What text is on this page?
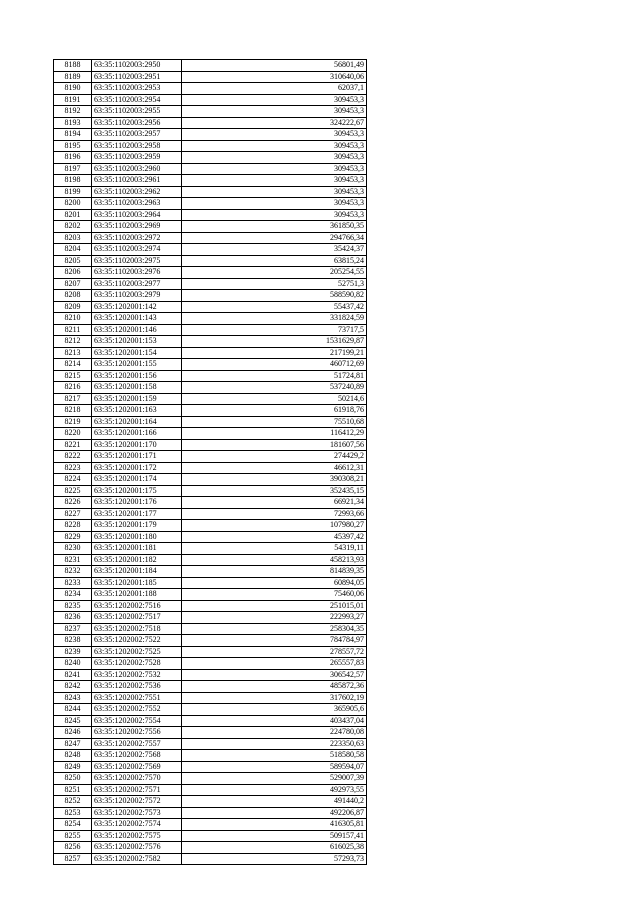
8188	63:35:1102003:2950	56801,49
8189	63:35:1102003:2951	310640,06
8190	63:35:1102003:2953	62037,1
8191	63:35:1102003:2954	309453,3
8192	63:35:1102003:2955	309453,3
8193	63:35:1102003:2956	324222,67
8194	63:35:1102003:2957	309453,3
8195	63:35:1102003:2958	309453,3
8196	63:35:1102003:2959	309453,3
8197	63:35:1102003:2960	309453,3
8198	63:35:1102003:2961	309453,3
8199	63:35:1102003:2962	309453,3
8200	63:35:1102003:2963	309453,3
8201	63:35:1102003:2964	309453,3
8202	63:35:1102003:2969	361850,35
8203	63:35:1102003:2972	294766,34
8204	63:35:1102003:2974	35424,37
8205	63:35:1102003:2975	63815,24
8206	63:35:1102003:2976	205254,55
8207	63:35:1102003:2977	52751,3
8208	63:35:1102003:2979	588590,82
8209	63:35:1202001:142	55437,42
8210	63:35:1202001:143	331824,59
8211	63:35:1202001:146	73717,5
8212	63:35:1202001:153	1531629,87
8213	63:35:1202001:154	217199,21
8214	63:35:1202001:155	460712,69
8215	63:35:1202001:156	51724,81
8216	63:35:1202001:158	537240,89
8217	63:35:1202001:159	50214,6
8218	63:35:1202001:163	61918,76
8219	63:35:1202001:164	75510,68
8220	63:35:1202001:166	116412,29
8221	63:35:1202001:170	181607,56
8222	63:35:1202001:171	274429,2
8223	63:35:1202001:172	46612,31
8224	63:35:1202001:174	390308,21
8225	63:35:1202001:175	352435,15
8226	63:35:1202001:176	66921,34
8227	63:35:1202001:177	72993,66
8228	63:35:1202001:179	107980,27
8229	63:35:1202001:180	45397,42
8230	63:35:1202001:181	54319,11
8231	63:35:1202001:182	458213,93
8232	63:35:1202001:184	814839,35
8233	63:35:1202001:185	60894,05
8234	63:35:1202001:188	75460,06
8235	63:35:1202002:7516	251015,01
8236	63:35:1202002:7517	222993,27
8237	63:35:1202002:7518	258304,35
8238	63:35:1202002:7522	784784,97
8239	63:35:1202002:7525	278557,72
8240	63:35:1202002:7528	265557,83
8241	63:35:1202002:7532	306542,57
8242	63:35:1202002:7536	485872,36
8243	63:35:1202002:7551	317602,19
8244	63:35:1202002:7552	365905,6
8245	63:35:1202002:7554	403437,04
8246	63:35:1202002:7556	224780,08
8247	63:35:1202002:7557	223350,63
8248	63:35:1202002:7568	518580,58
8249	63:35:1202002:7569	589594,07
8250	63:35:1202002:7570	529007,39
8251	63:35:1202002:7571	492973,55
8252	63:35:1202002:7572	491440,2
8253	63:35:1202002:7573	492206,87
8254	63:35:1202002:7574	416305,81
8255	63:35:1202002:7575	509157,41
8256	63:35:1202002:7576	616025,38
8257	63:35:1202002:7582	57293,73
